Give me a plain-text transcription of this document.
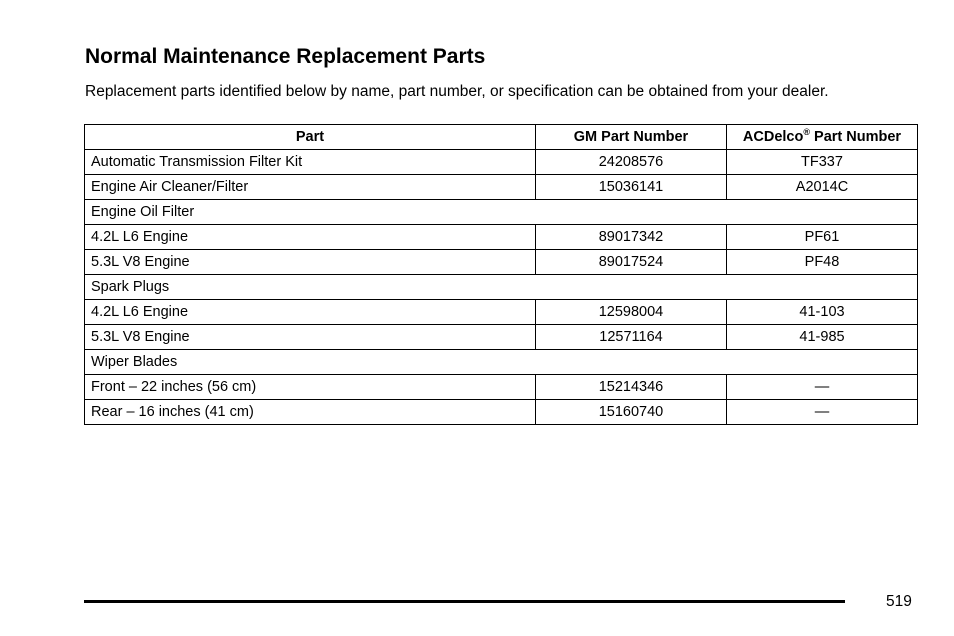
Normal Maintenance Replacement Parts

Replacement parts identified below by name, part number, or specification can be obtained from your dealer.

Part	GM Part Number	ACDelco® Part Number
Automatic Transmission Filter Kit	24208576	TF337
Engine Air Cleaner/Filter	15036141	A2014C
Engine Oil Filter		
4.2L L6 Engine	89017342	PF61
5.3L V8 Engine	89017524	PF48
Spark Plugs		
4.2L L6 Engine	12598004	41-103
5.3L V8 Engine	12571164	41-985
Wiper Blades		
Front – 22 inches (56 cm)	15214346	—
Rear – 16 inches (41 cm)	15160740	—
519
